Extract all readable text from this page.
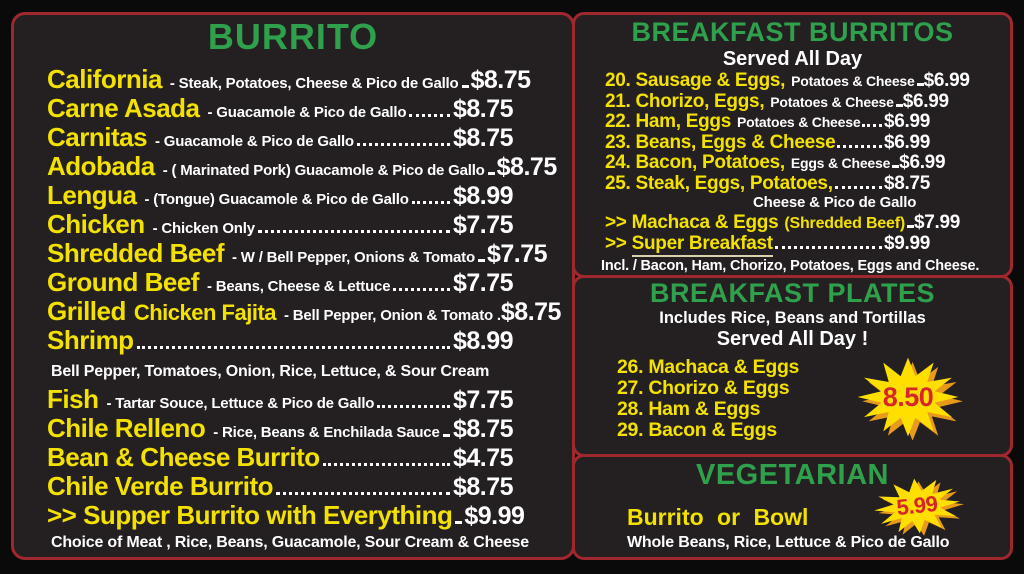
BURRITO
California - Steak, Potatoes, Cheese & Pico de Gallo $8.75
Carne Asada - Guacamole & Pico de Gallo $8.75
Carnitas - Guacamole & Pico de Gallo	$8.75
Adobada - ( Marinated Pork) Guacamole & Pico de Gallo $8.75
Lengua - (Tongue) Guacamole & Pico de Gallo $8.99
Chicken - Chicken Only	$7.75
Shredded Beef - W / Bell Pepper, Onions & Tomato $7.75
Ground Beef - Beans, Cheese & Lettuce	$7.75
Grilled Chicken Fajita - Bell Pepper, Onion & Tomato . $8.75
Shrimp	$8.99
Bell Pepper, Tomatoes, Onion, Rice, Lettuce, & Sour Cream
Fish - Tartar Souce, Lettuce & Pico de Gallo	$7.75
Chile Relleno - Rice, Beans & Enchilada Sauce $8.75
Bean & Cheese Burrito	$4.75
Chile Verde Burrito	$8.75
>> Supper Burrito with Everything $9.99
Choice of Meat , Rice, Beans, Guacamole, Sour Cream & Cheese
BREAKFAST BURRITOS
Served All Day
20. Sausage & Eggs, Potatoes & Cheese $6.99
21. Chorizo, Eggs, Potatoes & Cheese $6.99
22. Ham, Eggs Potatoes & Cheese $6.99
23. Beans, Eggs & Cheese	$6.99
24. Bacon, Potatoes, Eggs & Cheese $6.99
25. Steak, Eggs, Potatoes,	$8.75
Cheese & Pico de Gallo
>> Machaca & Eggs (Shredded Beef) $7.99
>> Super Breakfast	$9.99
Incl. / Bacon, Ham, Chorizo, Potatoes, Eggs and Cheese.
BREAKFAST PLATES
Includes Rice, Beans and Tortillas
Served All Day !
26. Machaca & Eggs
27. Chorizo & Eggs
28. Ham & Eggs
29. Bacon & Eggs
8.50
VEGETARIAN
Burrito or Bowl
Whole Beans, Rice, Lettuce & Pico de Gallo
5.99
